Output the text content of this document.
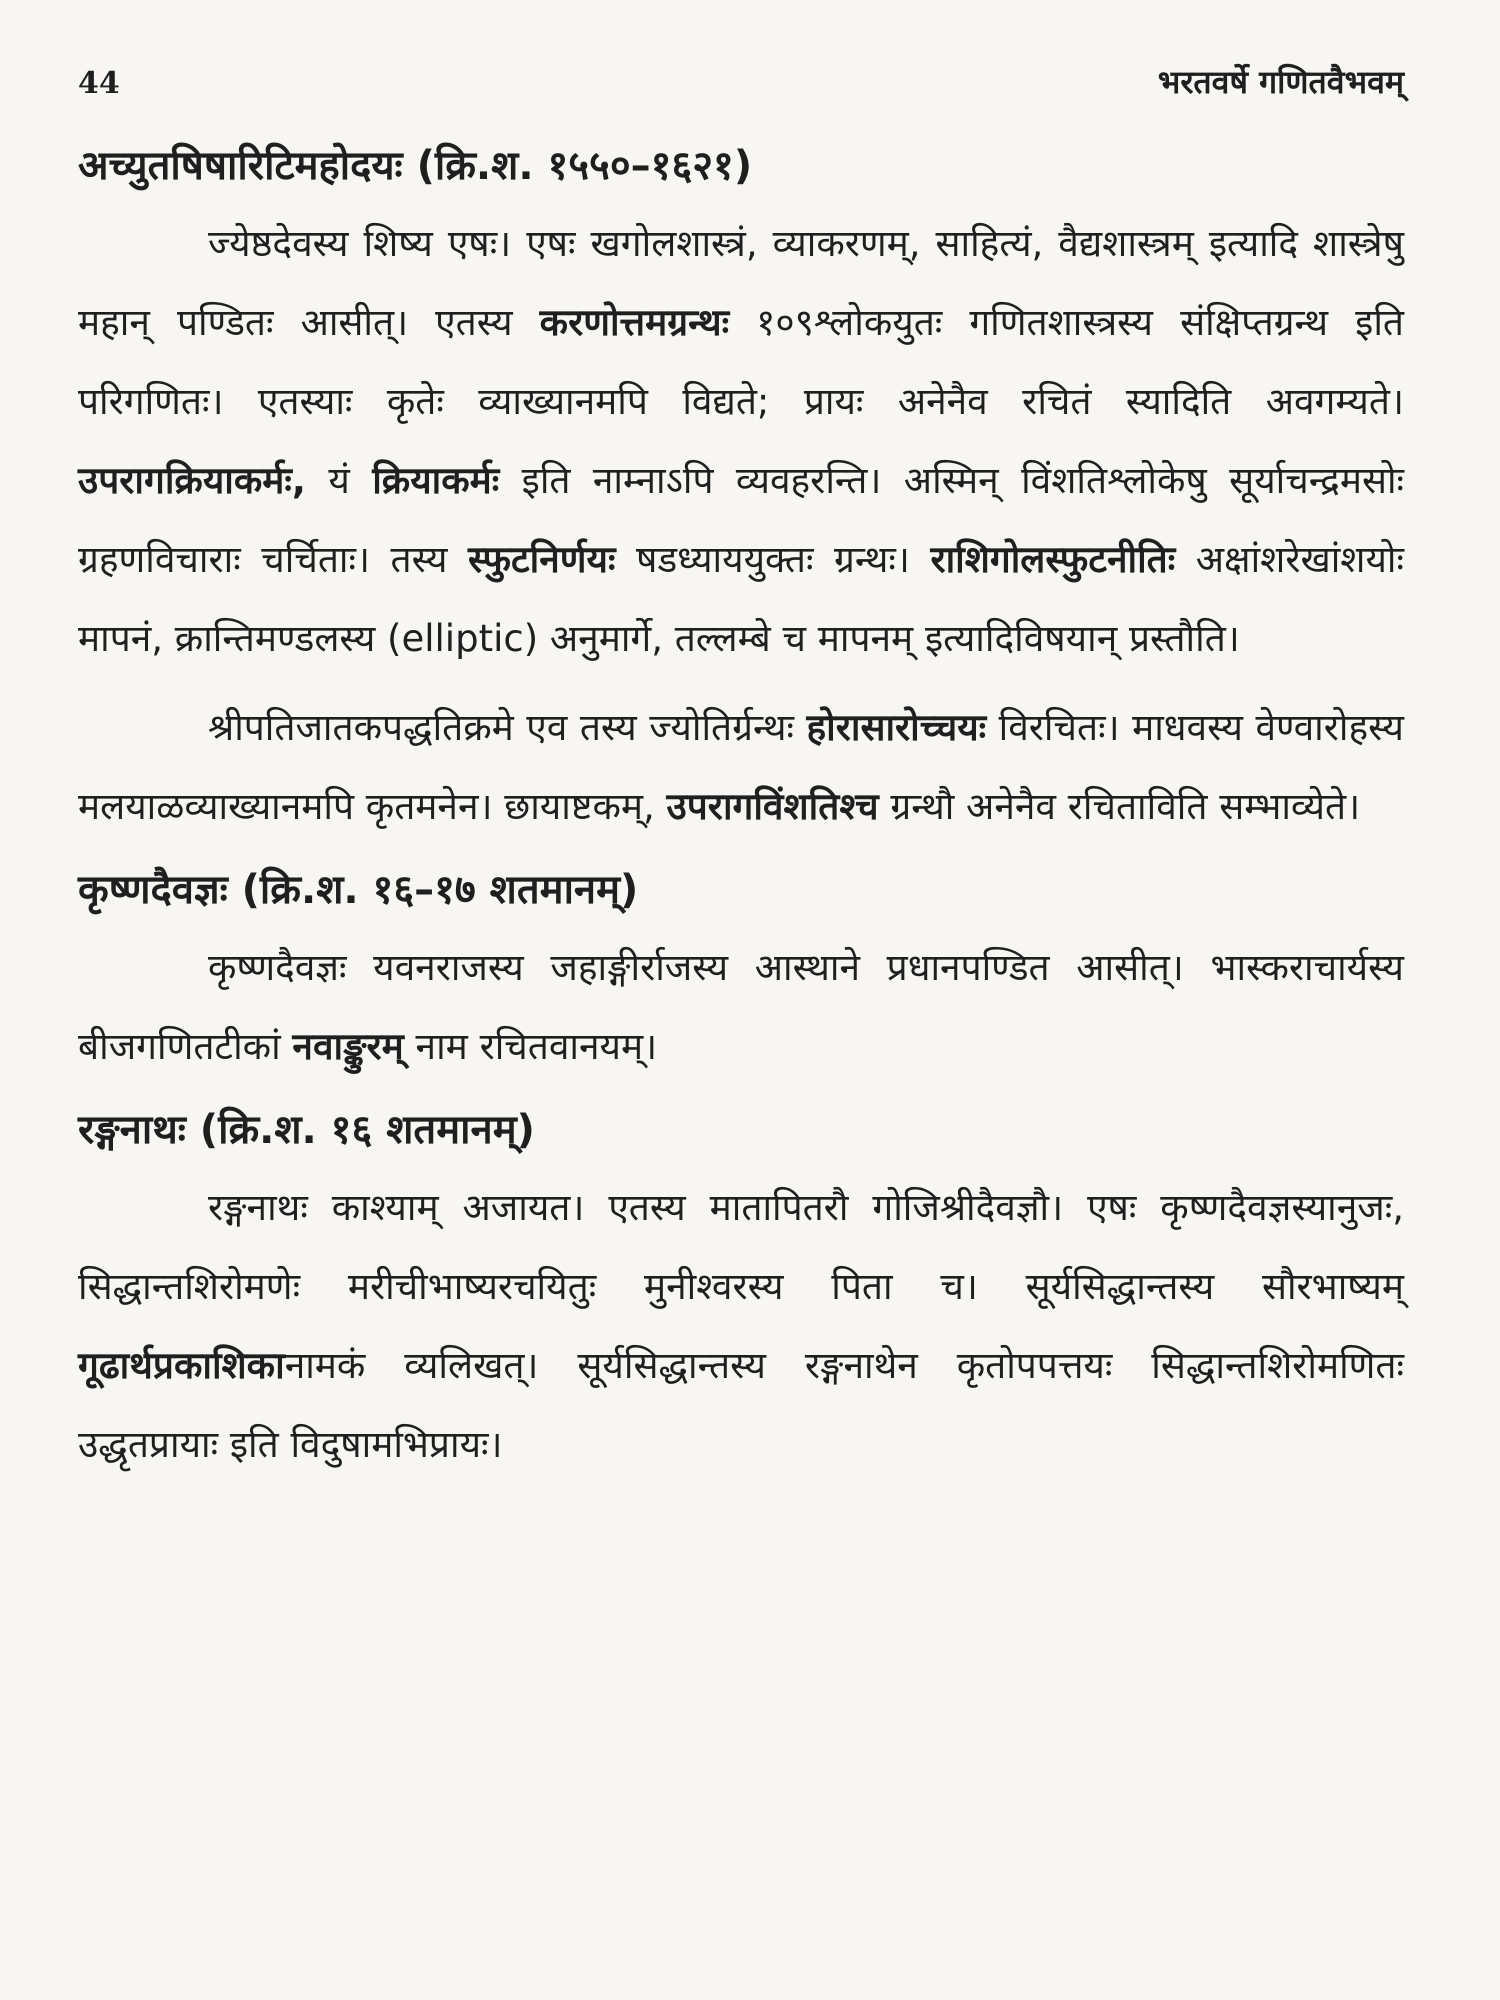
44	भरतवर्षे गणितवैभवम्
अच्युतषिषारिटिमहोदयः (क्रि.श. १५५०–१६२१)

ज्येष्ठदेवस्य शिष्य एषः। एषः खगोलशास्त्रं, व्याकरणम्, साहित्यं, वैद्यशास्त्रम् इत्यादि शास्त्रेषु महान् पण्डितः आसीत्। एतस्य करणोत्तमग्रन्थः १०९श्लोकयुतः गणितशास्त्रस्य संक्षिप्तग्रन्थ इति परिगणितः। एतस्याः कृतेः व्याख्यानमपि विद्यते; प्रायः अनेनैव रचितं स्यादिति अवगम्यते। उपरागक्रियाकर्मः, यं क्रियाकर्मः इति नाम्नाऽपि व्यवहरन्ति। अस्मिन् विंशतिश्लोकेषु सूर्याचन्द्रमसोः ग्रहणविचाराः चर्चिताः। तस्य स्फुटनिर्णयः षडध्याययुक्तः ग्रन्थः। राशिगोलस्फुटनीतिः अक्षांशरेखांशयोः मापनं, क्रान्तिमण्डलस्य (elliptic) अनुमार्गे, तल्लम्बे च मापनम् इत्यादिविषयान् प्रस्तौति।

श्रीपतिजातकपद्धतिक्रमे एव तस्य ज्योतिर्ग्रन्थः होरासारोच्चयः विरचितः। माधवस्य वेण्वारोहस्य मलयाळव्याख्यानमपि कृतमनेन। छायाष्टकम्, उपरागविंशतिश्च ग्रन्थौ अनेनैव रचिताविति सम्भाव्येते।

कृष्णदैवज्ञः (क्रि.श. १६–१७ शतमानम्)

कृष्णदैवज्ञः यवनराजस्य जहाङ्गीर्राजस्य आस्थाने प्रधानपण्डित आसीत्। भास्कराचार्यस्य बीजगणितटीकां नवाङ्कुरम् नाम रचितवानयम्।

रङ्गनाथः (क्रि.श. १६ शतमानम्)

रङ्गनाथः काश्याम् अजायत। एतस्य मातापितरौ गोजिश्रीदैवज्ञौ। एषः कृष्णदैवज्ञस्यानुजः, सिद्धान्तशिरोमणेः मरीचीभाष्यरचयितुः मुनीश्वरस्य पिता च। सूर्यसिद्धान्तस्य सौरभाष्यम् गूढार्थप्रकाशिकानामकं व्यलिखत्। सूर्यसिद्धान्तस्य रङ्गनाथेन कृतोपपत्तयः सिद्धान्तशिरोमणितः उद्धृतप्रायाः इति विदुषामभिप्रायः।
